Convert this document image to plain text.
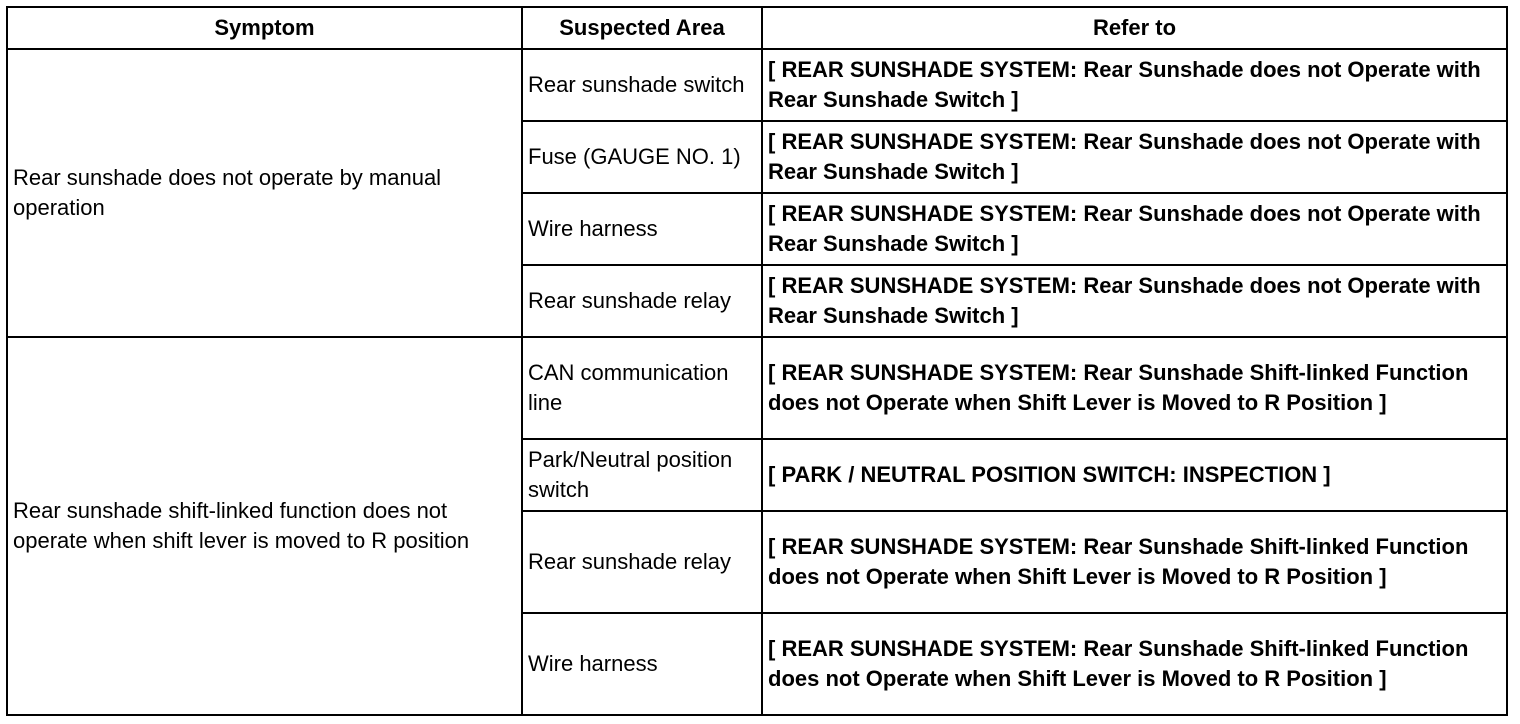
Symptom	Suspected Area	Refer to
Rear sunshade does not operate by manual operation	Rear sunshade switch	[ REAR SUNSHADE SYSTEM: Rear Sunshade does not Operate with Rear Sunshade Switch ]
	Fuse (GAUGE NO. 1)	[ REAR SUNSHADE SYSTEM: Rear Sunshade does not Operate with Rear Sunshade Switch ]
	Wire harness	[ REAR SUNSHADE SYSTEM: Rear Sunshade does not Operate with Rear Sunshade Switch ]
	Rear sunshade relay	[ REAR SUNSHADE SYSTEM: Rear Sunshade does not Operate with Rear Sunshade Switch ]
Rear sunshade shift-linked function does not operate when shift lever is moved to R position	CAN communication line	[ REAR SUNSHADE SYSTEM: Rear Sunshade Shift-linked Function does not Operate when Shift Lever is Moved to R Position ]
	Park/Neutral position switch	[ PARK / NEUTRAL POSITION SWITCH: INSPECTION ]
	Rear sunshade relay	[ REAR SUNSHADE SYSTEM: Rear Sunshade Shift-linked Function does not Operate when Shift Lever is Moved to R Position ]
	Wire harness	[ REAR SUNSHADE SYSTEM: Rear Sunshade Shift-linked Function does not Operate when Shift Lever is Moved to R Position ]
